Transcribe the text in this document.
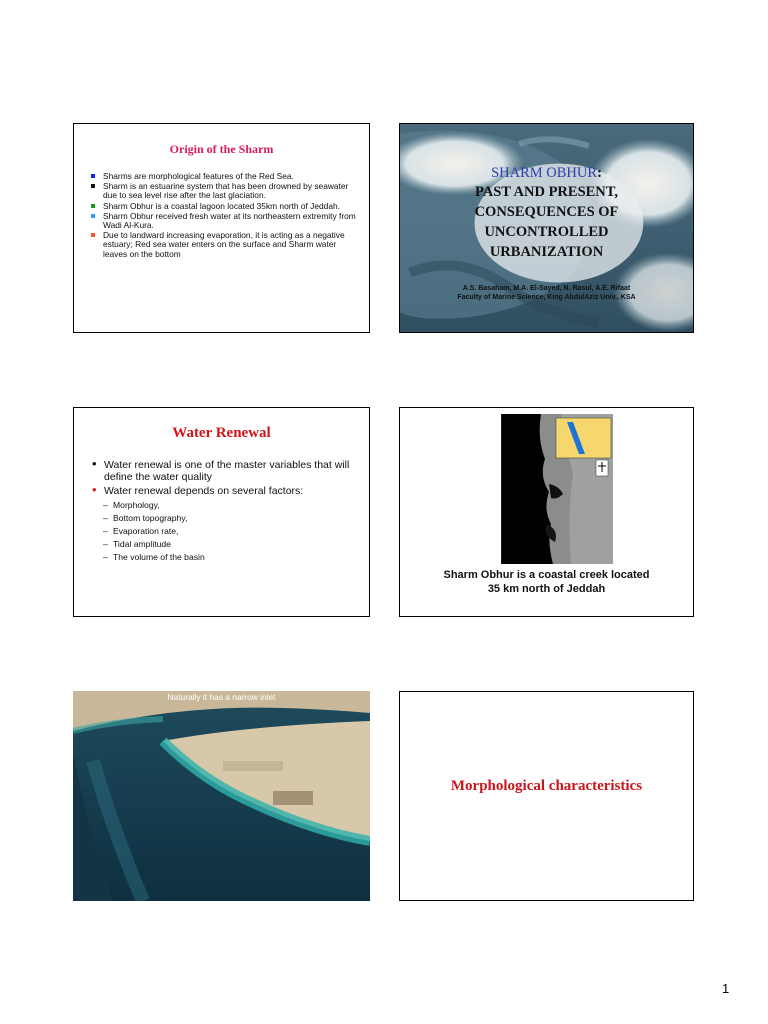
Origin of the Sharm
Sharms are morphological features of the Red Sea.
Sharm is an estuarine system that has been drowned by seawater due to sea level rise after the last glaciation.
Sharm Obhur is a coastal lagoon located 35km north of Jeddah.
Sharm Obhur received fresh water at its northeastern extremity from Wadi Al-Kura.
Due to landward increasing evaporation, it is acting as a negative estuary; Red sea water enters on the surface and Sharm water leaves on the bottom
SHARM OBHUR:
PAST AND PRESENT,
CONSEQUENCES OF
UNCONTROLLED
URBANIZATION
A.S. Basaham, M.A. El-Sayed, N. Rasul, A.E. Rifaat
Faculty of Marine Science, King AbdulAziz Univ., KSA
Water Renewal
• Water renewal is one of the master variables that will define the water quality
• Water renewal depends on several factors:
– Morphology,
– Bottom topography,
– Evaporation rate,
– Tidal amplitude
– The volume of the basin
Sharm Obhur is a coastal creek located
35 km north of Jeddah
Naturally it has a narrow inlet
Morphological characteristics
1
